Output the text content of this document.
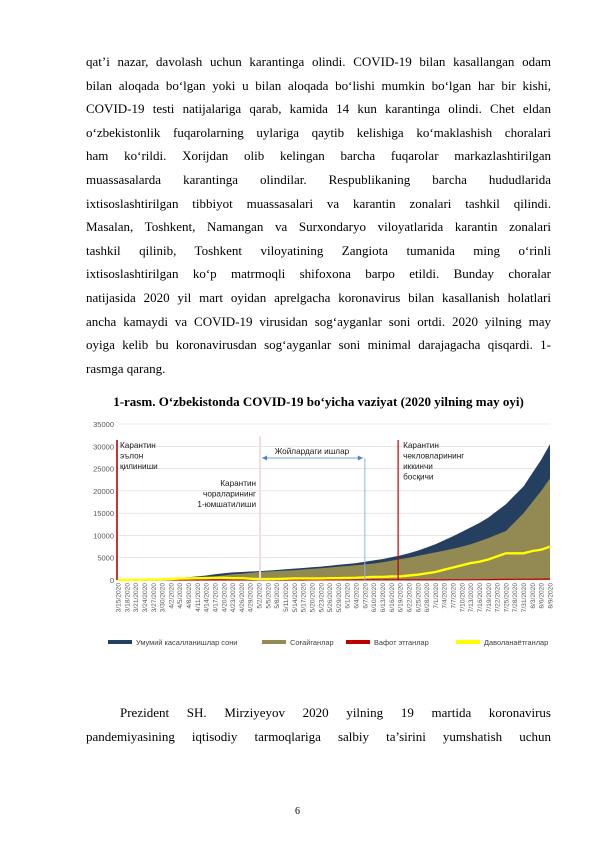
qat’i nazar, davolash uchun karantinga olindi. COVID-19 bilan kasallangan odam
bilan aloqada bo‘lgan yoki u bilan aloqada bo‘lishi mumkin bo‘lgan har bir kishi,
COVID-19 testi natijalariga qarab, kamida 14 kun karantinga olindi. Chet eldan
o‘zbekistonlik fuqarolarning uylariga qaytib kelishiga ko‘maklashish choralari
ham ko‘rildi. Xorijdan olib kelingan barcha fuqarolar markazlashtirilgan
muassasalarda karantinga olindilar. Respublikaning barcha hududlarida
ixtisoslashtirilgan tibbiyot muassasalari va karantin zonalari tashkil qilindi.
Masalan, Toshkent, Namangan va Surxondaryo viloyatlarida karantin zonalari
tashkil qilinib, Toshkent viloyatining Zangiota tumanida ming o‘rinli
ixtisoslashtirilgan ko‘p matrmoqli shifoxona barpo etildi. Bunday choralar
natijasida 2020 yil mart oyidan aprelgacha koronavirus bilan kasallanish holatlari
ancha kamaydi va COVID-19 virusidan sog‘ayganlar soni ortdi. 2020 yilning may
oyiga kelib bu koronavirusdan sog‘ayganlar soni minimal darajagacha qisqardi. 1-
rasmga qarang.
1-rasm. O‘zbekistonda COVID-19 bo‘yicha vaziyat (2020 yilning may oyi)
35000
30000
25000
20000
15000
10000
5000
0
3/15/2020 3/18/2020 3/21/2020 3/24/2020 3/27/2020 3/30/2020 4/2/2020 4/5/2020 4/8/2020 4/11/2020 4/14/2020 4/17/2020 4/20/2020 4/23/2020 4/26/2020 4/29/2020 5/2/2020 5/5/2020 5/8/2020 5/11/2020 5/14/2020 5/17/2020 5/20/2020 5/23/2020 5/26/2020 5/29/2020 6/1/2020 6/4/2020 6/7/2020 6/10/2020 6/13/2020 6/16/2020 6/19/2020 6/22/2020 6/25/2020 6/28/2020 7/1/2020 7/4/2020 7/7/2020 7/10/2020 7/13/2020 7/16/2020 7/19/2020 7/22/2020 7/25/2020 7/28/2020 7/31/2020 8/3/2020 8/6/2020 8/9/2020
Карантин эълон қилиниши
Карантин чораларининг 1-юмшатилиши
Карантин чекловларининг иккинчи босқичи
Жойлардаги ишлар
Умумий касалланишлар сони	Соғайганлар	Вафот этганлар	Даволанаётганлар
Prezident SH. Mirziyeyov 2020 yilning 19 martida koronavirus
pandemiyasining iqtisodiy tarmoqlariga salbiy ta’sirini yumshatish uchun
6
